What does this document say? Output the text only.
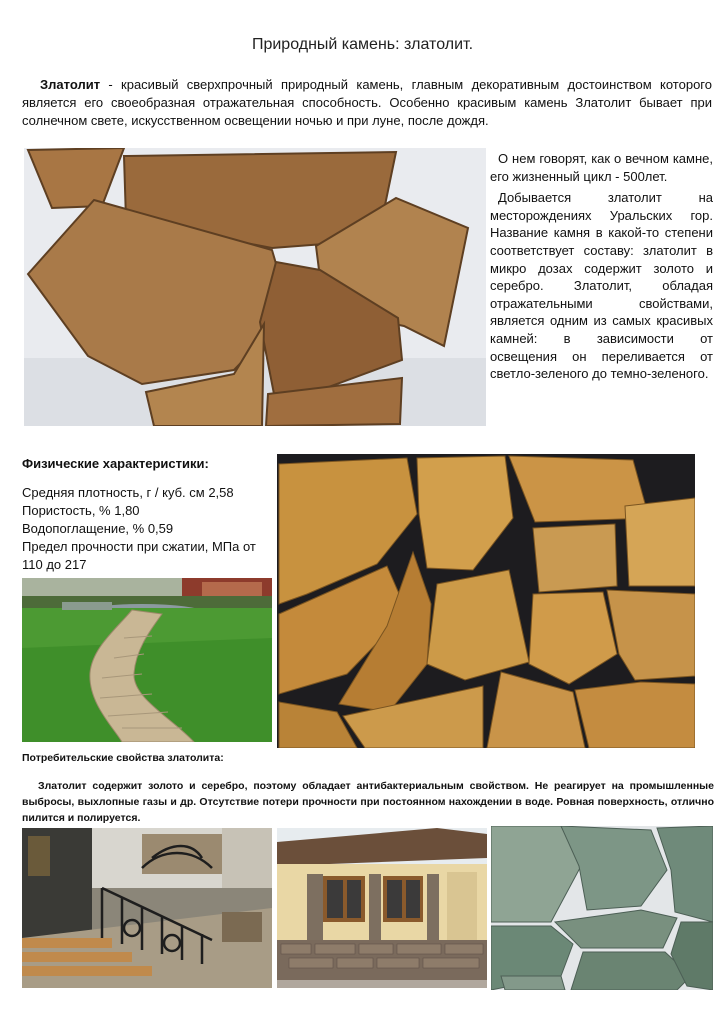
Природный камень: златолит.
Златолит - красивый сверхпрочный природный камень, главным декоративным достоинством которого является его своеобразная отражательная способность. Особенно красивым камень Златолит бывает при солнечном свете, искусственном освещении ночью и при луне, после дождя.

О нем говорят, как о вечном камне, его жизненный цикл - 500лет.

Добывается златолит на месторождениях Уральских гор. Название камня в какой-то степени соответствует составу: златолит в микро дозах содержит золото и серебро. Златолит, обладая отражательными свойствами, является одним из самых красивых камней: в зависимости от освещения он переливается от светло-зеленого до темно-зеленого.

Физические характеристики:
Средняя плотность, г / куб. см 2,58
Пористость, % 1,80
Водопоглащение, % 0,59
Предел прочности при сжатии, МПа от 110 до 217
Потребительские свойства златолита:
Златолит содержит золото и серебро, поэтому обладает антибактериальным свойством. Не реагирует на промышленные выбросы, выхлопные газы и др. Отсутствие потери прочности при постоянном нахождении в воде. Ровная поверхность, отлично пилится и полируется.
